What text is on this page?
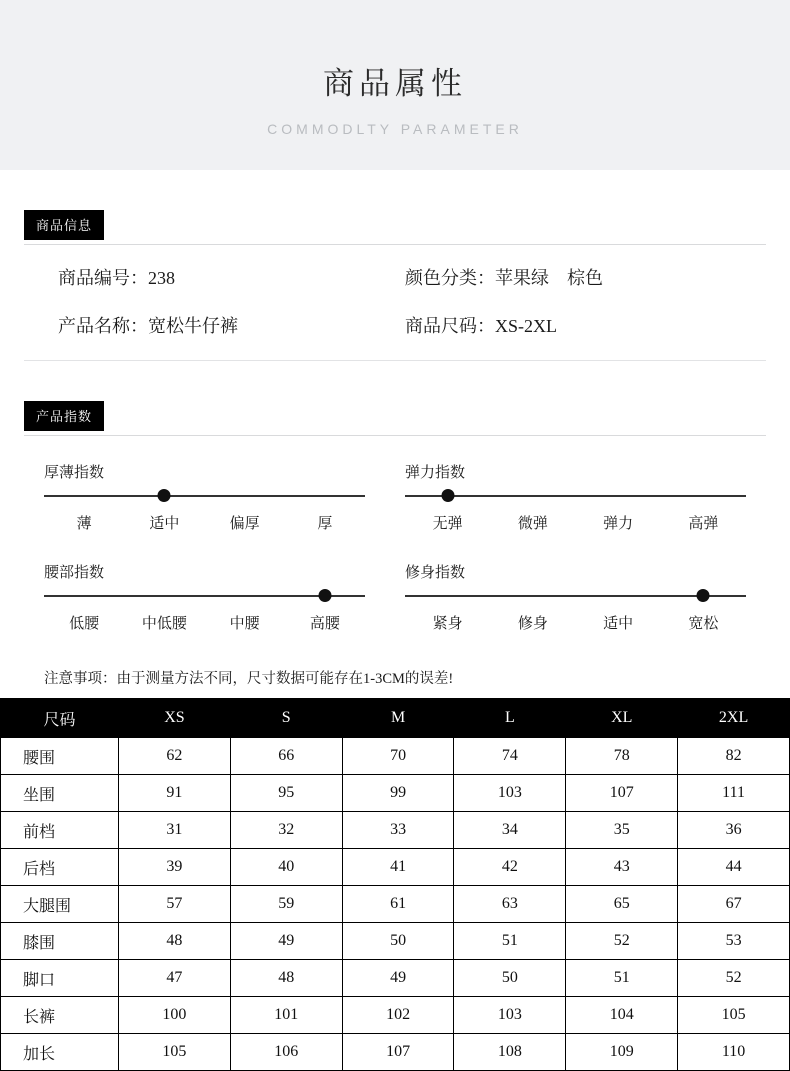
商品属性
COMMODLTY PARAMETER
商品信息
商品编号： 238	颜色分类： 苹果绿    棕色
产品名称： 宽松牛仔裤	商品尺码： XS-2XL
产品指数
厚薄指数
薄	适中	偏厚	厚
弹力指数
无弹	微弹	弹力	高弹
腰部指数
低腰	中低腰	中腰	高腰
修身指数
紧身	修身	适中	宽松
注意事项：由于测量方法不同，尺寸数据可能存在1-3CM的误差!
尺码	XS	S	M	L	XL	2XL
腰围	62	66	70	74	78	82
坐围	91	95	99	103	107	111
前档	31	32	33	34	35	36
后档	39	40	41	42	43	44
大腿围	57	59	61	63	65	67
膝围	48	49	50	51	52	53
脚口	47	48	49	50	51	52
长裤	100	101	102	103	104	105
加长	105	106	107	108	109	110
